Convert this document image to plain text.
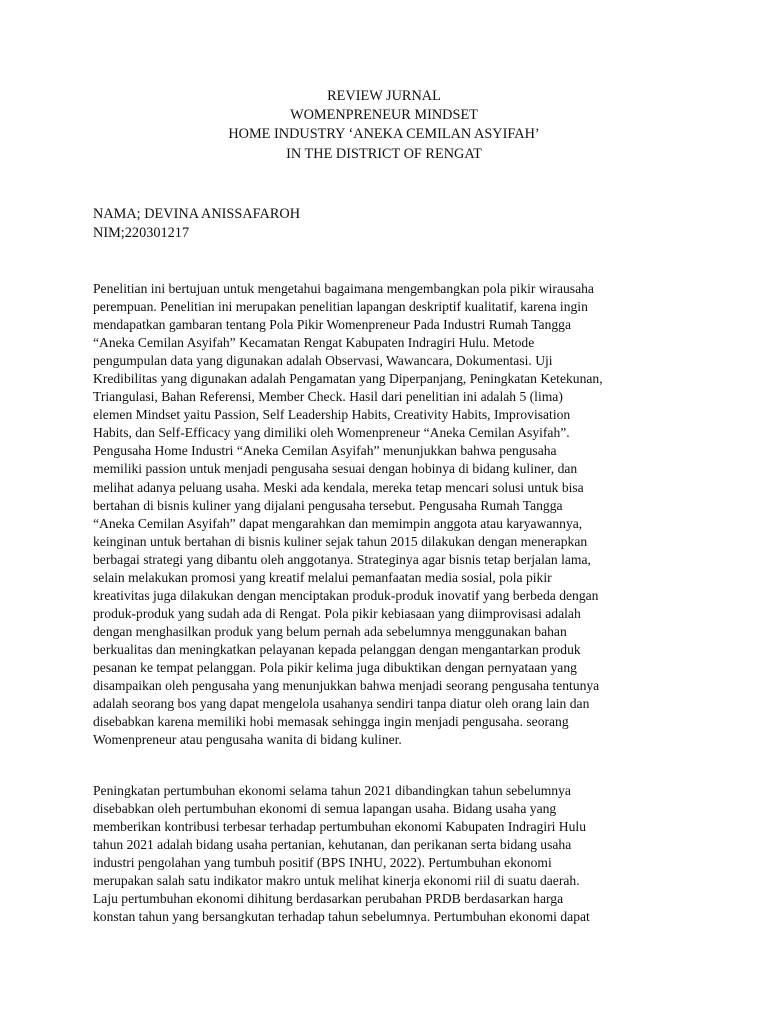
REVIEW JURNAL
WOMENPRENEUR MINDSET
HOME INDUSTRY ‘ANEKA CEMILAN ASYIFAH’
IN THE DISTRICT OF RENGAT
NAMA; DEVINA ANISSAFAROH
NIM;220301217
Penelitian ini bertujuan untuk mengetahui bagaimana mengembangkan pola pikir wirausaha
perempuan. Penelitian ini merupakan penelitian lapangan deskriptif kualitatif, karena ingin
mendapatkan gambaran tentang Pola Pikir Womenpreneur Pada Industri Rumah Tangga
“Aneka Cemilan Asyifah” Kecamatan Rengat Kabupaten Indragiri Hulu. Metode
pengumpulan data yang digunakan adalah Observasi, Wawancara, Dokumentasi. Uji
Kredibilitas yang digunakan adalah Pengamatan yang Diperpanjang, Peningkatan Ketekunan,
Triangulasi, Bahan Referensi, Member Check. Hasil dari penelitian ini adalah 5 (lima)
elemen Mindset yaitu Passion, Self Leadership Habits, Creativity Habits, Improvisation
Habits, dan Self-Efficacy yang dimiliki oleh Womenpreneur “Aneka Cemilan Asyifah”.
Pengusaha Home Industri “Aneka Cemilan Asyifah” menunjukkan bahwa pengusaha
memiliki passion untuk menjadi pengusaha sesuai dengan hobinya di bidang kuliner, dan
melihat adanya peluang usaha. Meski ada kendala, mereka tetap mencari solusi untuk bisa
bertahan di bisnis kuliner yang dijalani pengusaha tersebut. Pengusaha Rumah Tangga
“Aneka Cemilan Asyifah” dapat mengarahkan dan memimpin anggota atau karyawannya,
keinginan untuk bertahan di bisnis kuliner sejak tahun 2015 dilakukan dengan menerapkan
berbagai strategi yang dibantu oleh anggotanya. Strateginya agar bisnis tetap berjalan lama,
selain melakukan promosi yang kreatif melalui pemanfaatan media sosial, pola pikir
kreativitas juga dilakukan dengan menciptakan produk-produk inovatif yang berbeda dengan
produk-produk yang sudah ada di Rengat. Pola pikir kebiasaan yang diimprovisasi adalah
dengan menghasilkan produk yang belum pernah ada sebelumnya menggunakan bahan
berkualitas dan meningkatkan pelayanan kepada pelanggan dengan mengantarkan produk
pesanan ke tempat pelanggan. Pola pikir kelima juga dibuktikan dengan pernyataan yang
disampaikan oleh pengusaha yang menunjukkan bahwa menjadi seorang pengusaha tentunya
adalah seorang bos yang dapat mengelola usahanya sendiri tanpa diatur oleh orang lain dan
disebabkan karena memiliki hobi memasak sehingga ingin menjadi pengusaha. seorang
Womenpreneur atau pengusaha wanita di bidang kuliner.
Peningkatan pertumbuhan ekonomi selama tahun 2021 dibandingkan tahun sebelumnya
disebabkan oleh pertumbuhan ekonomi di semua lapangan usaha. Bidang usaha yang
memberikan kontribusi terbesar terhadap pertumbuhan ekonomi Kabupaten Indragiri Hulu
tahun 2021 adalah bidang usaha pertanian, kehutanan, dan perikanan serta bidang usaha
industri pengolahan yang tumbuh positif (BPS INHU, 2022). Pertumbuhan ekonomi
merupakan salah satu indikator makro untuk melihat kinerja ekonomi riil di suatu daerah.
Laju pertumbuhan ekonomi dihitung berdasarkan perubahan PRDB berdasarkan harga
konstan tahun yang bersangkutan terhadap tahun sebelumnya. Pertumbuhan ekonomi dapat
